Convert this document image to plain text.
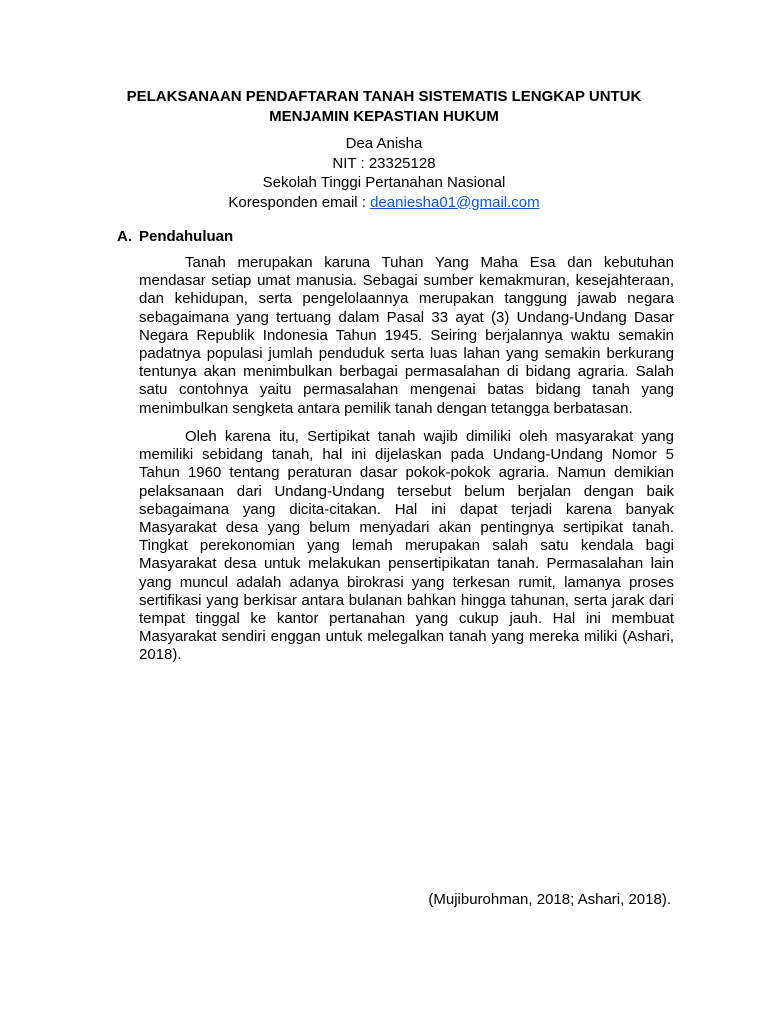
PELAKSANAAN PENDAFTARAN TANAH SISTEMATIS LENGKAP UNTUK
MENJAMIN KEPASTIAN HUKUM
Dea Anisha
NIT : 23325128
Sekolah Tinggi Pertanahan Nasional
Koresponden email : deaniesha01@gmail.com
A. Pendahuluan

Tanah merupakan karuna Tuhan Yang Maha Esa dan kebutuhan mendasar setiap umat manusia. Sebagai sumber kemakmuran, kesejahteraan, dan kehidupan, serta pengelolaannya merupakan tanggung jawab negara sebagaimana yang tertuang dalam Pasal 33 ayat (3) Undang-Undang Dasar Negara Republik Indonesia Tahun 1945. Seiring berjalannya waktu semakin padatnya populasi jumlah penduduk serta luas lahan yang semakin berkurang tentunya akan menimbulkan berbagai permasalahan di bidang agraria. Salah satu contohnya yaitu permasalahan mengenai batas bidang tanah yang menimbulkan sengketa antara pemilik tanah dengan tetangga berbatasan.

Oleh karena itu, Sertipikat tanah wajib dimiliki oleh masyarakat yang memiliki sebidang tanah, hal ini dijelaskan pada Undang-Undang Nomor 5 Tahun 1960 tentang peraturan dasar pokok-pokok agraria. Namun demikian pelaksanaan dari Undang-Undang tersebut belum berjalan dengan baik sebagaimana yang dicita-citakan. Hal ini dapat terjadi karena banyak Masyarakat desa yang belum menyadari akan pentingnya sertipikat tanah. Tingkat perekonomian yang lemah merupakan salah satu kendala bagi Masyarakat desa untuk melakukan pensertipikatan tanah. Permasalahan lain yang muncul adalah adanya birokrasi yang terkesan rumit, lamanya proses sertifikasi yang berkisar antara bulanan bahkan hingga tahunan, serta jarak dari tempat tinggal ke kantor pertanahan yang cukup jauh. Hal ini membuat Masyarakat sendiri enggan untuk melegalkan tanah yang mereka miliki (Ashari, 2018).

(Mujiburohman, 2018; Ashari, 2018).
